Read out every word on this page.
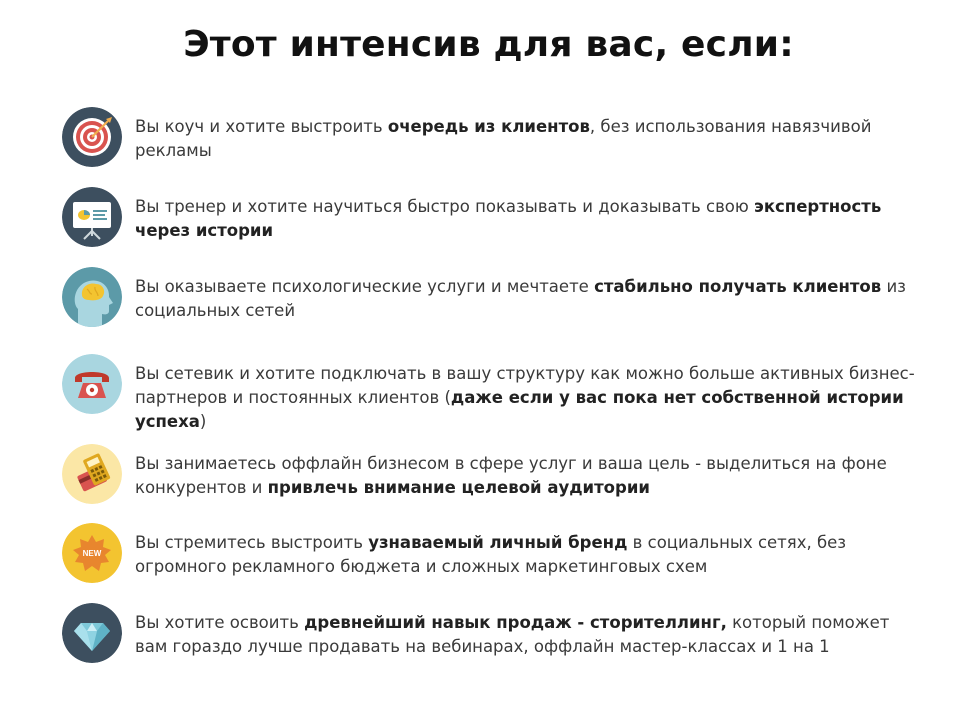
Этот интенсив для вас, если:
Вы коуч и хотите выстроить очередь из клиентов, без использования навязчивой рекламы
Вы тренер и хотите научиться быстро показывать и доказывать свою экспертность через истории
Вы оказываете психологические услуги и мечтаете стабильно получать клиентов из социальных сетей
Вы сетевик и хотите подключать в вашу структуру как можно больше активных бизнес-партнеров и постоянных клиентов (даже если у вас пока нет собственной истории успеха)
Вы занимаетесь оффлайн бизнесом в сфере услуг и ваша цель - выделиться на фоне конкурентов и привлечь внимание целевой аудитории
NEW
Вы стремитесь выстроить узнаваемый личный бренд в социальных сетях, без огромного рекламного бюджета и сложных маркетинговых схем
Вы хотите освоить древнейший навык продаж - сторителлинг, который поможет вам гораздо лучше продавать на вебинарах, оффлайн мастер-классах и 1 на 1
